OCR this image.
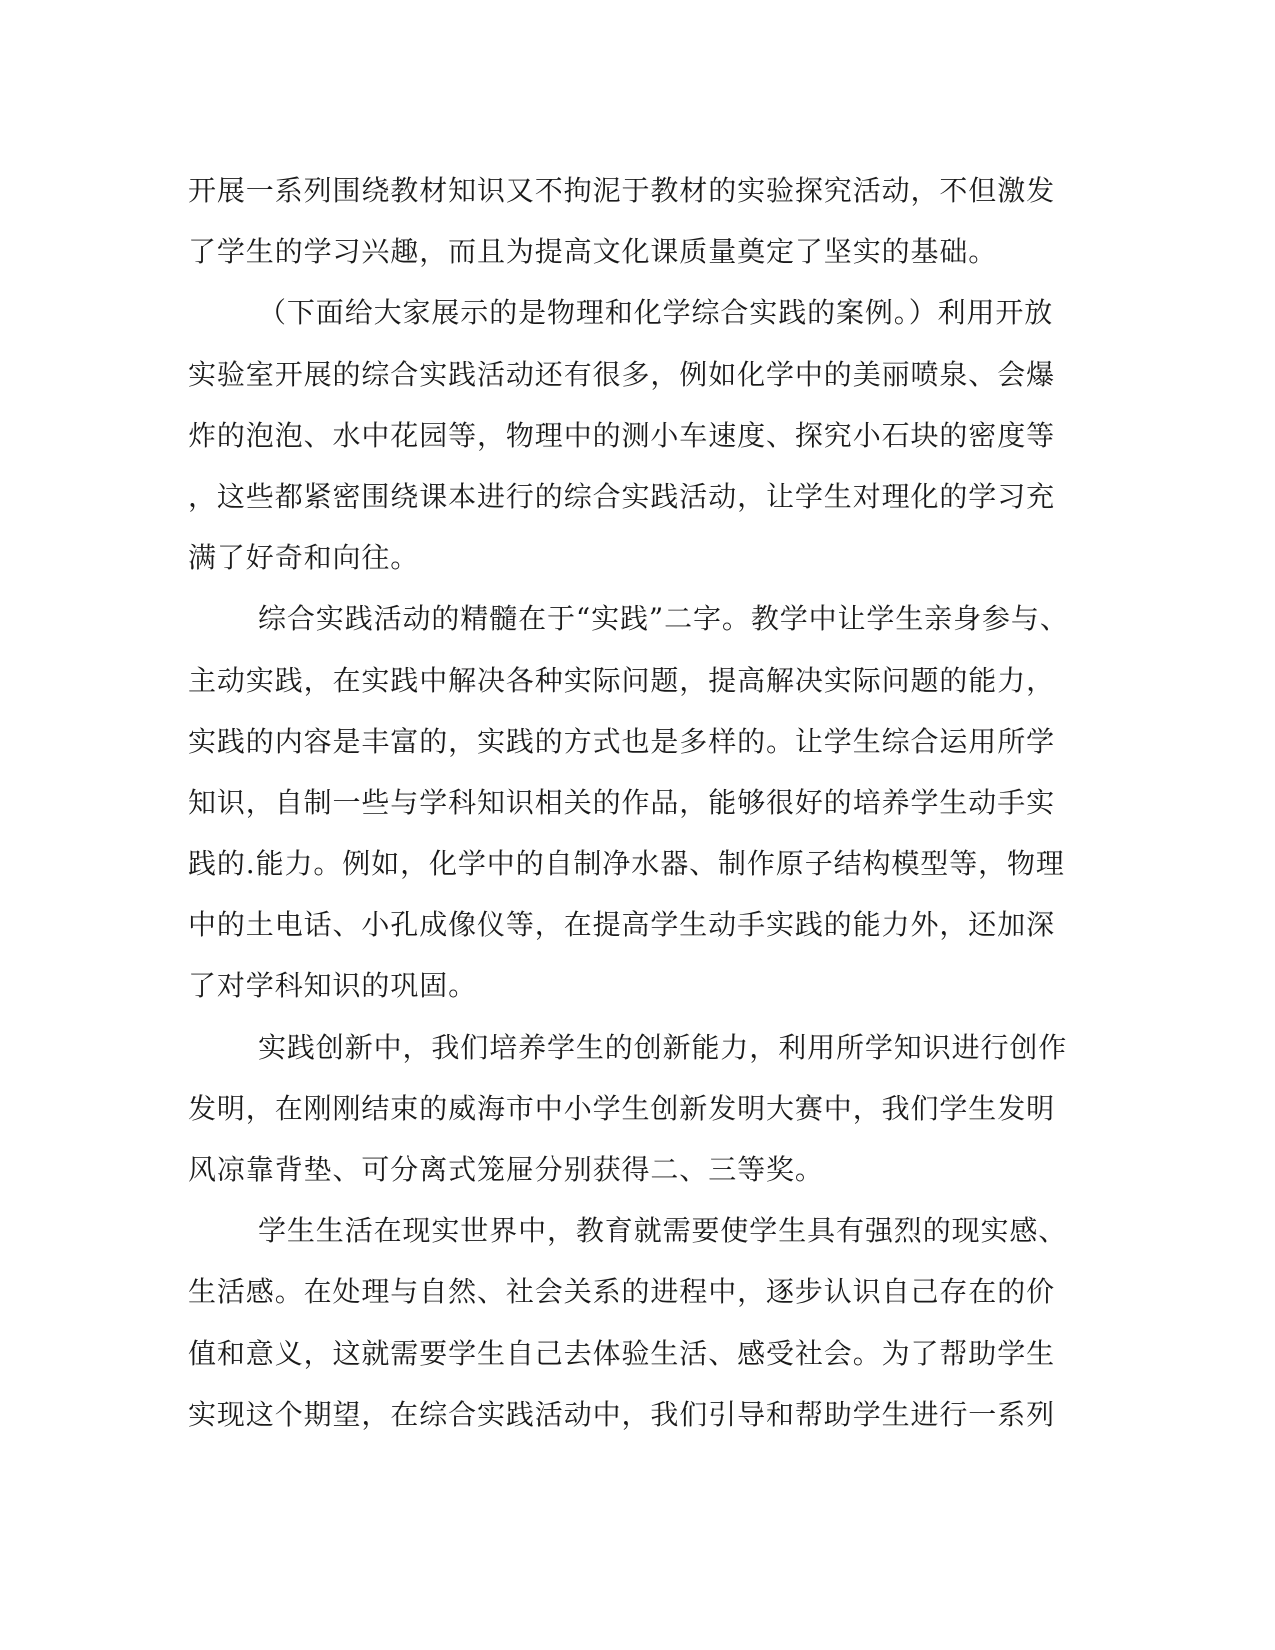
开展一系列围绕教材知识又不拘泥于教材的实验探究活动，不但激发
了学生的学习兴趣，而且为提高文化课质量奠定了坚实的基础。
（下面给大家展示的是物理和化学综合实践的案例。）利用开放
实验室开展的综合实践活动还有很多，例如化学中的美丽喷泉、会爆
炸的泡泡、水中花园等，物理中的测小车速度、探究小石块的密度等
，这些都紧密围绕课本进行的综合实践活动，让学生对理化的学习充
满了好奇和向往。
综合实践活动的精髓在于“实践”二字。教学中让学生亲身参与、
主动实践，在实践中解决各种实际问题，提高解决实际问题的能力，
实践的内容是丰富的，实践的方式也是多样的。让学生综合运用所学
知识，自制一些与学科知识相关的作品，能够很好的培养学生动手实
践的.能力。例如，化学中的自制净水器、制作原子结构模型等，物理
中的土电话、小孔成像仪等，在提高学生动手实践的能力外，还加深
了对学科知识的巩固。
实践创新中，我们培养学生的创新能力，利用所学知识进行创作
发明，在刚刚结束的威海市中小学生创新发明大赛中，我们学生发明
风凉靠背垫、可分离式笼屉分别获得二、三等奖。
学生生活在现实世界中，教育就需要使学生具有强烈的现实感、
生活感。在处理与自然、社会关系的进程中，逐步认识自己存在的价
值和意义，这就需要学生自己去体验生活、感受社会。为了帮助学生
实现这个期望，在综合实践活动中，我们引导和帮助学生进行一系列
